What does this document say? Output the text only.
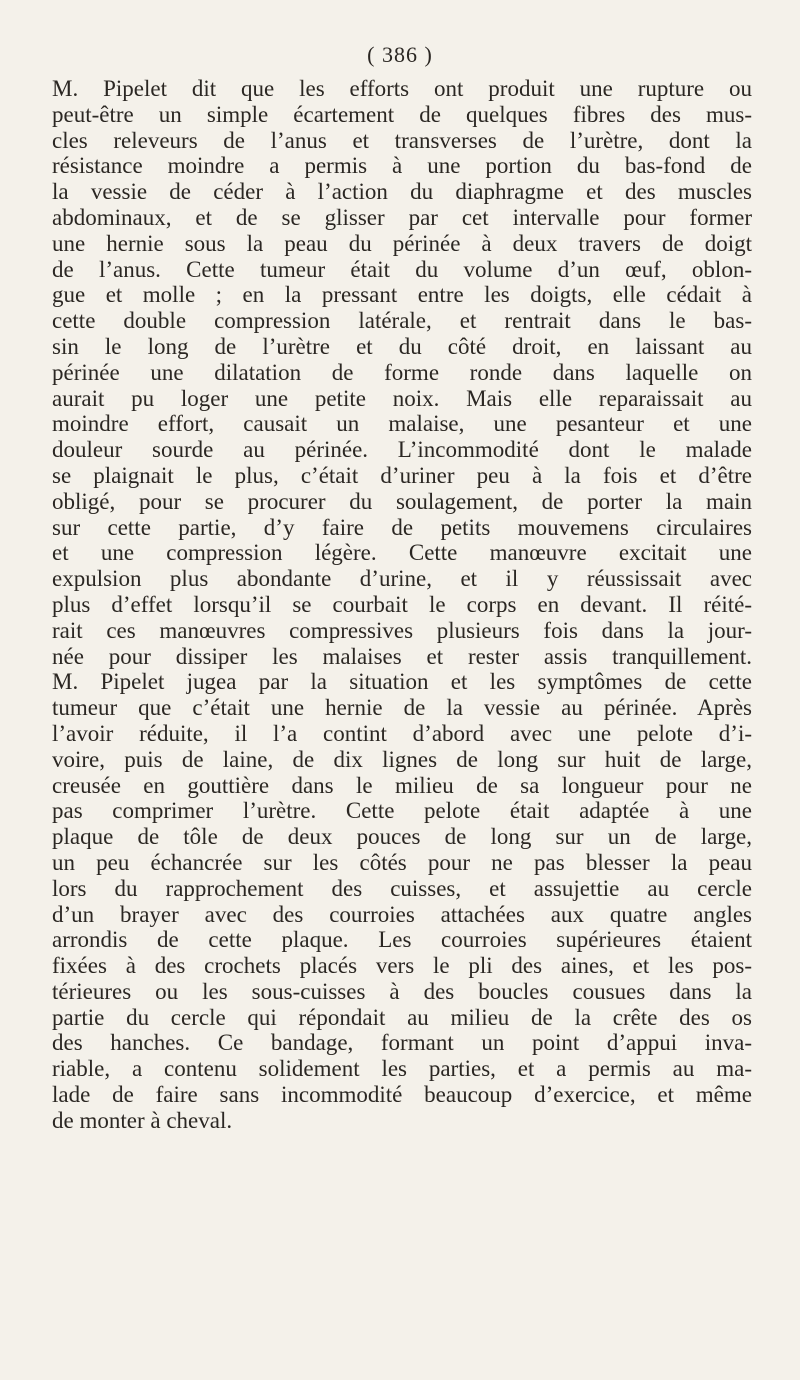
( 386 )
M. Pipelet dit que les efforts ont produit une rupture ou
peut-être un simple écartement de quelques fibres des mus-
cles releveurs de l’anus et transverses de l’urètre, dont la
résistance moindre a permis à une portion du bas-fond de
la vessie de céder à l’action du diaphragme et des muscles
abdominaux, et de se glisser par cet intervalle pour former
une hernie sous la peau du périnée à deux travers de doigt
de l’anus. Cette tumeur était du volume d’un œuf, oblon-
gue et molle ; en la pressant entre les doigts, elle cédait à
cette double compression latérale, et rentrait dans le bas-
sin le long de l’urètre et du côté droit, en laissant au
périnée une dilatation de forme ronde dans laquelle on
aurait pu loger une petite noix. Mais elle reparaissait au
moindre effort, causait un malaise, une pesanteur et une
douleur sourde au périnée. L’incommodité dont le malade
se plaignait le plus, c’était d’uriner peu à la fois et d’être
obligé, pour se procurer du soulagement, de porter la main
sur cette partie, d’y faire de petits mouvemens circulaires
et une compression légère. Cette manœuvre excitait une
expulsion plus abondante d’urine, et il y réussissait avec
plus d’effet lorsqu’il se courbait le corps en devant. Il réité-
rait ces manœuvres compressives plusieurs fois dans la jour-
née pour dissiper les malaises et rester assis tranquillement.
M. Pipelet jugea par la situation et les symptômes de cette
tumeur que c’était une hernie de la vessie au périnée. Après
l’avoir réduite, il l’a contint d’abord avec une pelote d’i-
voire, puis de laine, de dix lignes de long sur huit de large,
creusée en gouttière dans le milieu de sa longueur pour ne
pas comprimer l’urètre. Cette pelote était adaptée à une
plaque de tôle de deux pouces de long sur un de large,
un peu échancrée sur les côtés pour ne pas blesser la peau
lors du rapprochement des cuisses, et assujettie au cercle
d’un brayer avec des courroies attachées aux quatre angles
arrondis de cette plaque. Les courroies supérieures étaient
fixées à des crochets placés vers le pli des aines, et les pos-
térieures ou les sous-cuisses à des boucles cousues dans la
partie du cercle qui répondait au milieu de la crête des os
des hanches. Ce bandage, formant un point d’appui inva-
riable, a contenu solidement les parties, et a permis au ma-
lade de faire sans incommodité beaucoup d’exercice, et même
de monter à cheval.
